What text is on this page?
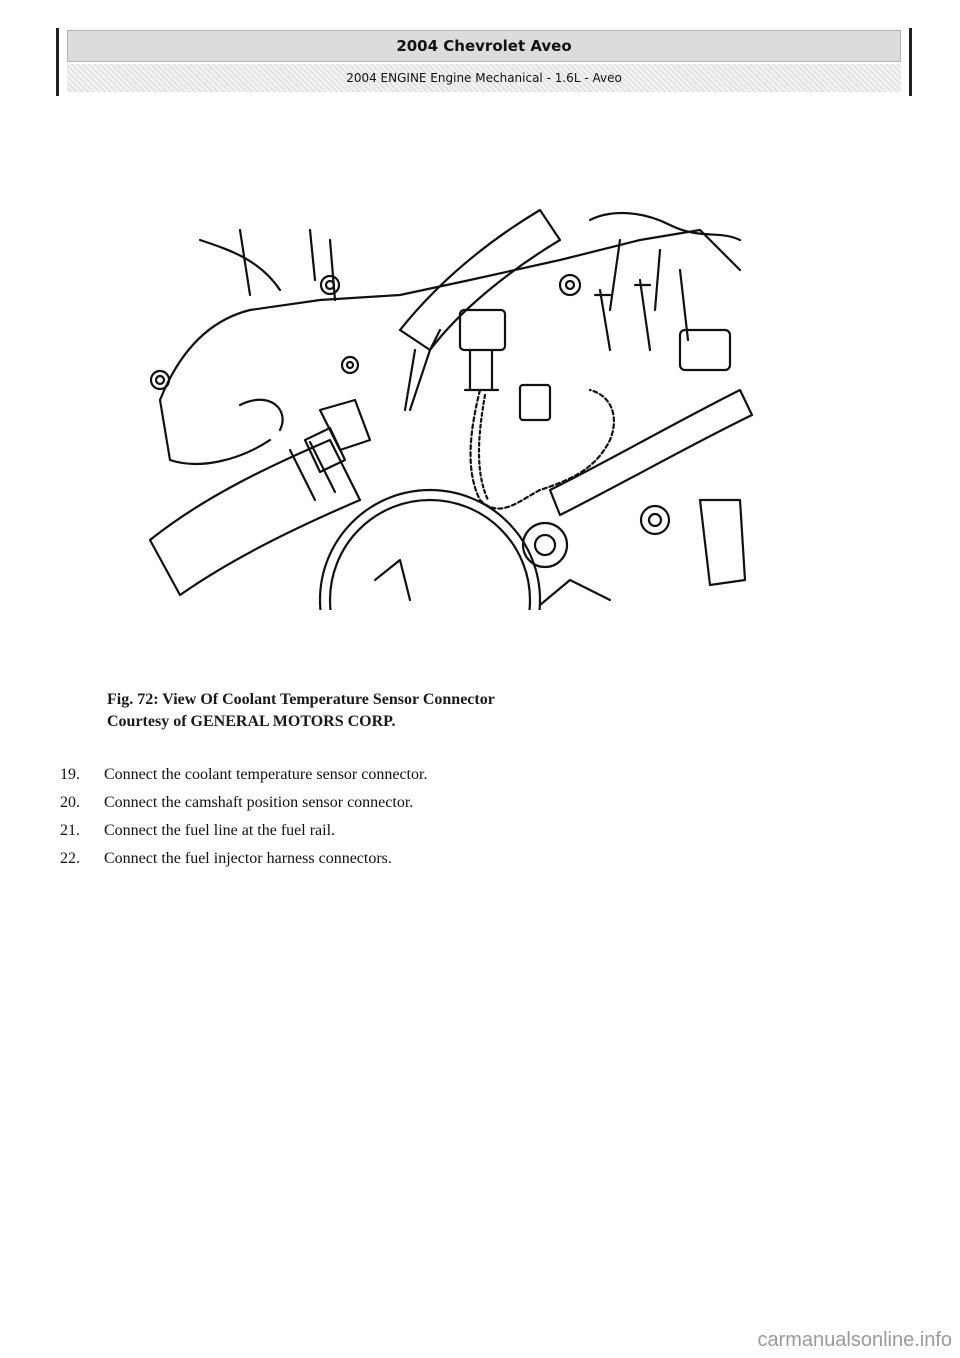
2004 Chevrolet Aveo
2004 ENGINE Engine Mechanical - 1.6L - Aveo
Fig. 72: View Of Coolant Temperature Sensor Connector
Courtesy of GENERAL MOTORS CORP.
19.	Connect the coolant temperature sensor connector.
20.	Connect the camshaft position sensor connector.
21.	Connect the fuel line at the fuel rail.
22.	Connect the fuel injector harness connectors.
carmanualsonline.info
